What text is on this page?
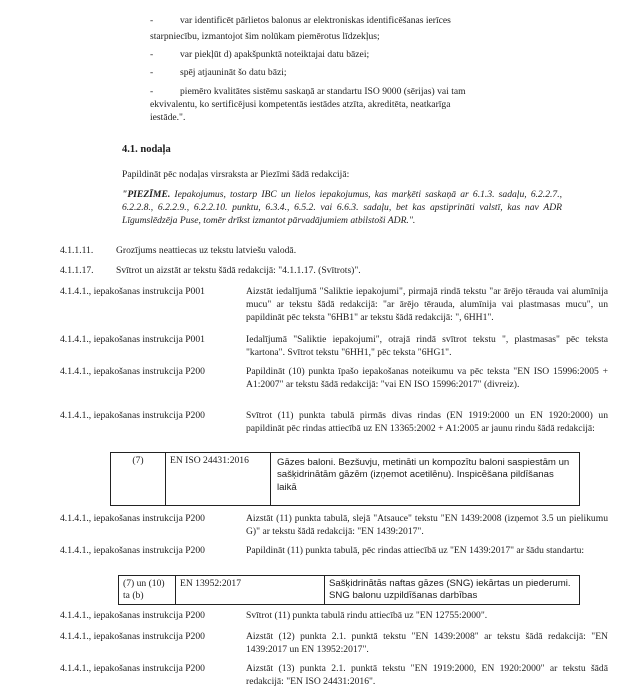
-	var identificēt pārlietos balonus ar elektroniskas identificēšanas ierīces
starpniecību, izmantojot šim nolūkam piemērotus līdzekļus;
-	var piekļūt d) apakšpunktā noteiktajai datu bāzei;
-	spēj atjaunināt šo datu bāzi;
-	piemēro kvalitātes sistēmu saskaņā ar standartu ISO 9000 (sērijas) vai tam
ekvivalentu, ko sertificējusi kompetentās iestādes atzīta, akreditēta, neatkarīga
iestāde.".
4.1. nodaļa
Papildināt pēc nodaļas virsraksta ar Piezīmi šādā redakcijā:
"PIEZĪME. Iepakojumus, tostarp IBC un lielos iepakojumus, kas marķēti saskaņā ar 6.1.3. sadaļu, 6.2.2.7., 6.2.2.8., 6.2.2.9., 6.2.2.10. punktu, 6.3.4., 6.5.2. vai 6.6.3. sadaļu, bet kas apstiprināti valstī, kas nav ADR Līgumslēdzēja Puse, tomēr drīkst izmantot pārvadājumiem atbilstoši ADR.".
4.1.1.11.	Grozījums neattiecas uz tekstu latviešu valodā.
4.1.1.17.	Svītrot un aizstāt ar tekstu šādā redakcijā: "4.1.1.17. (Svītrots)".
4.1.4.1., iepakošanas instrukcija P001	Aizstāt iedalījumā "Saliktie iepakojumi", pirmajā rindā tekstu "ar ārējo tērauda vai alumīnija mucu" ar tekstu šādā redakcijā: "ar ārējo tērauda, alumīnija vai plastmasas mucu", un papildināt pēc teksta "6HB1" ar tekstu šādā redakcijā: ", 6HH1".
4.1.4.1., iepakošanas instrukcija P001	Iedalījumā "Saliktie iepakojumi", otrajā rindā svītrot tekstu ", plastmasas" pēc teksta "kartona". Svītrot tekstu "6HH1," pēc teksta "6HG1".
4.1.4.1., iepakošanas instrukcija P200	Papildināt (10) punkta īpašo iepakošanas noteikumu va pēc teksta "EN ISO 15996:2005 + A1:2007" ar tekstu šādā redakcijā: "vai EN ISO 15996:2017" (divreiz).
4.1.4.1., iepakošanas instrukcija P200	Svītrot (11) punkta tabulā pirmās divas rindas (EN 1919:2000 un EN 1920:2000) un papildināt pēc rindas attiecībā uz EN 13365:2002 + A1:2005 ar jaunu rindu šādā redakcijā:
(7)	EN ISO 24431:2016	Gāzes baloni. Bezšuvju, metināti un kompozītu baloni saspiestām un sašķidrinātām gāzēm (izņemot acetilēnu). Inspicēšana pildīšanas laikā
4.1.4.1., iepakošanas instrukcija P200	Aizstāt (11) punkta tabulā, slejā "Atsauce" tekstu "EN 1439:2008 (izņemot 3.5 un pielikumu G)" ar tekstu šādā redakcijā: "EN 1439:2017".
4.1.4.1., iepakošanas instrukcija P200	Papildināt (11) punkta tabulā, pēc rindas attiecībā uz "EN 1439:2017" ar šādu standartu:
(7) un (10) ta (b)	EN 13952:2017	Sašķidrinātās naftas gāzes (SNG) iekārtas un piederumi. SNG balonu uzpildīšanas darbības
4.1.4.1., iepakošanas instrukcija P200	Svītrot (11) punkta tabulā rindu attiecībā uz "EN 12755:2000".
4.1.4.1., iepakošanas instrukcija P200	Aizstāt (12) punkta 2.1. punktā tekstu "EN 1439:2008" ar tekstu šādā redakcijā: "EN 1439:2017 un EN 13952:2017".
4.1.4.1., iepakošanas instrukcija P200	Aizstāt (13) punkta 2.1. punktā tekstu "EN 1919:2000, EN 1920:2000" ar tekstu šādā redakcijā: "EN ISO 24431:2016".
